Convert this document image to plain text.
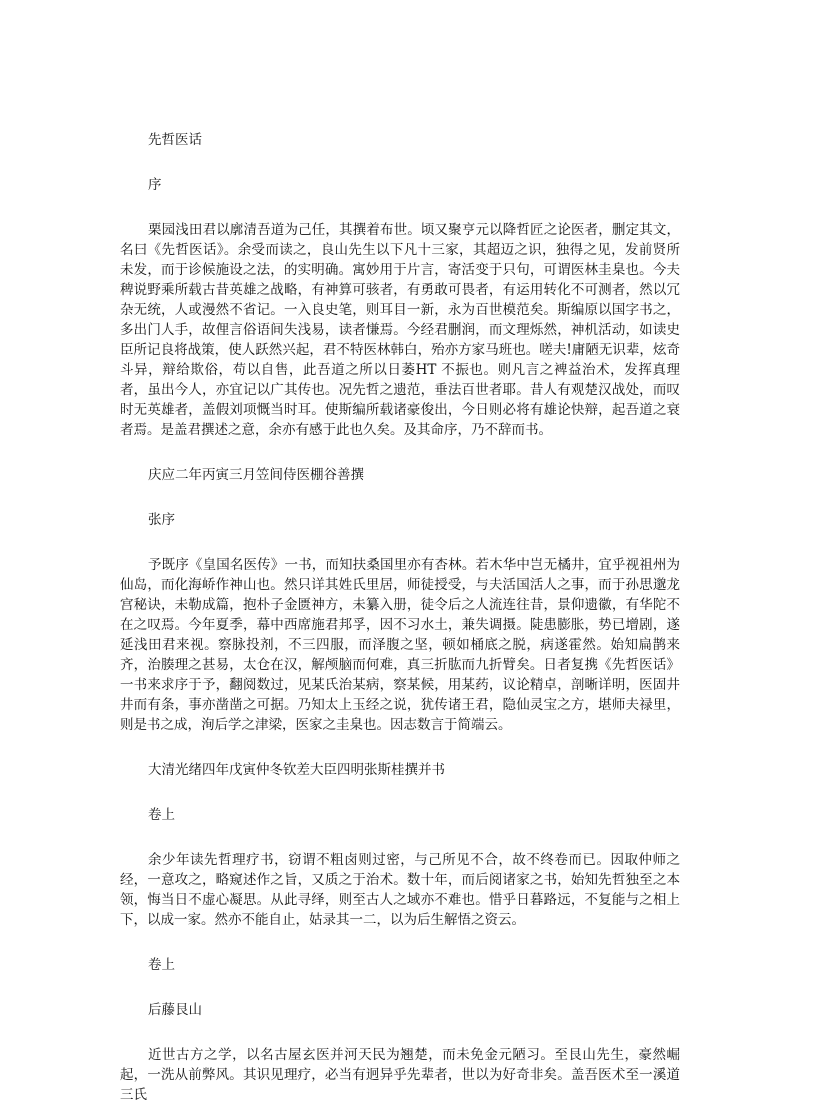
先哲医话
序
栗园浅田君以廓清吾道为己任，其撰着布世。顷又聚亨元以降哲匠之论医者，删定其文，名曰《先哲医话》。余受而读之，良山先生以下凡十三家，其超迈之识，独得之见，发前贤所未发，而于诊候施设之法，的实明确。寓妙用于片言，寄活变于只句，可谓医林圭臬也。今夫稗说野乘所载古昔英雄之战略，有神算可骇者，有勇敢可畏者，有运用转化不可测者，然以冗杂无统，人或漫然不省记。一入良史笔，则耳目一新，永为百世模范矣。斯编原以国字书之，多出门人手，故俚言俗语间失浅易，读者慊焉。今经君删润，而文理烁然，神机活动，如读史臣所记良将战策，使人跃然兴起，君不特医林韩白，殆亦方家马班也。嗟夫!庸陋无识辈，炫奇斗异，辩给欺俗，苟以自售，此吾道之所以日萎HT 不振也。则凡言之裨益治术，发挥真理者，虽出今人，亦宜记以广其传也。况先哲之遗范，垂法百世者耶。昔人有观楚汉战处，而叹时无英雄者，盖假刘项慨当时耳。使斯编所载诸豪俊出，今日则必将有雄论快辩，起吾道之衰者焉。是盖君撰述之意，余亦有感于此也久矣。及其命序，乃不辞而书。
庆应二年丙寅三月笠间侍医棚谷善撰
张序
予既序《皇国名医传》一书，而知扶桑国里亦有杏林。若木华中岂无橘井，宜乎视祖州为仙岛，而化海峤作神山也。然只详其姓氏里居，师徒授受，与夫活国活人之事，而于孙思邈龙宫秘诀，未勒成篇，抱朴子金匮神方，未纂入册，徒令后之人流连往昔，景仰遗徽，有华陀不在之叹焉。今年夏季，幕中西席施君邦孚，因不习水土，兼失调摄。陡患膨胀，势已增剧，遂延浅田君来视。察脉投剂，不三四服，而泽腹之坚，顿如桶底之脱，病遂霍然。始知扁鹊来齐，治腠理之甚易，太仓在汉，解颅脑而何难，真三折肱而九折臂矣。日者复携《先哲医话》一书来求序于予，翻阅数过，见某氏治某病，察某候，用某药，议论精卓，剖晰详明，医固井井而有条，事亦凿凿之可据。乃知太上玉经之说，犹传诸王君，隐仙灵宝之方，堪师夫禄里，则是书之成，洵后学之津梁，医家之圭臬也。因志数言于简端云。
大清光绪四年戊寅仲冬钦差大臣四明张斯桂撰并书
卷上
余少年读先哲理疗书，窃谓不粗卤则过密，与己所见不合，故不终卷而已。因取仲师之经，一意攻之，略窥述作之旨，又质之于治术。数十年，而后阅诸家之书，始知先哲独至之本领，悔当日不虚心凝思。从此寻绎，则至古人之域亦不难也。惜乎日暮路远，不复能与之相上下，以成一家。然亦不能自止，姑录其一二，以为后生解悟之资云。
卷上
后藤艮山
近世古方之学，以名古屋玄医并河天民为翘楚，而未免金元陋习。至艮山先生，豪然崛起，一洗从前弊风。其识见理疗，必当有迥异乎先辈者，世以为好奇非矣。盖吾医术至一溪道三氏
